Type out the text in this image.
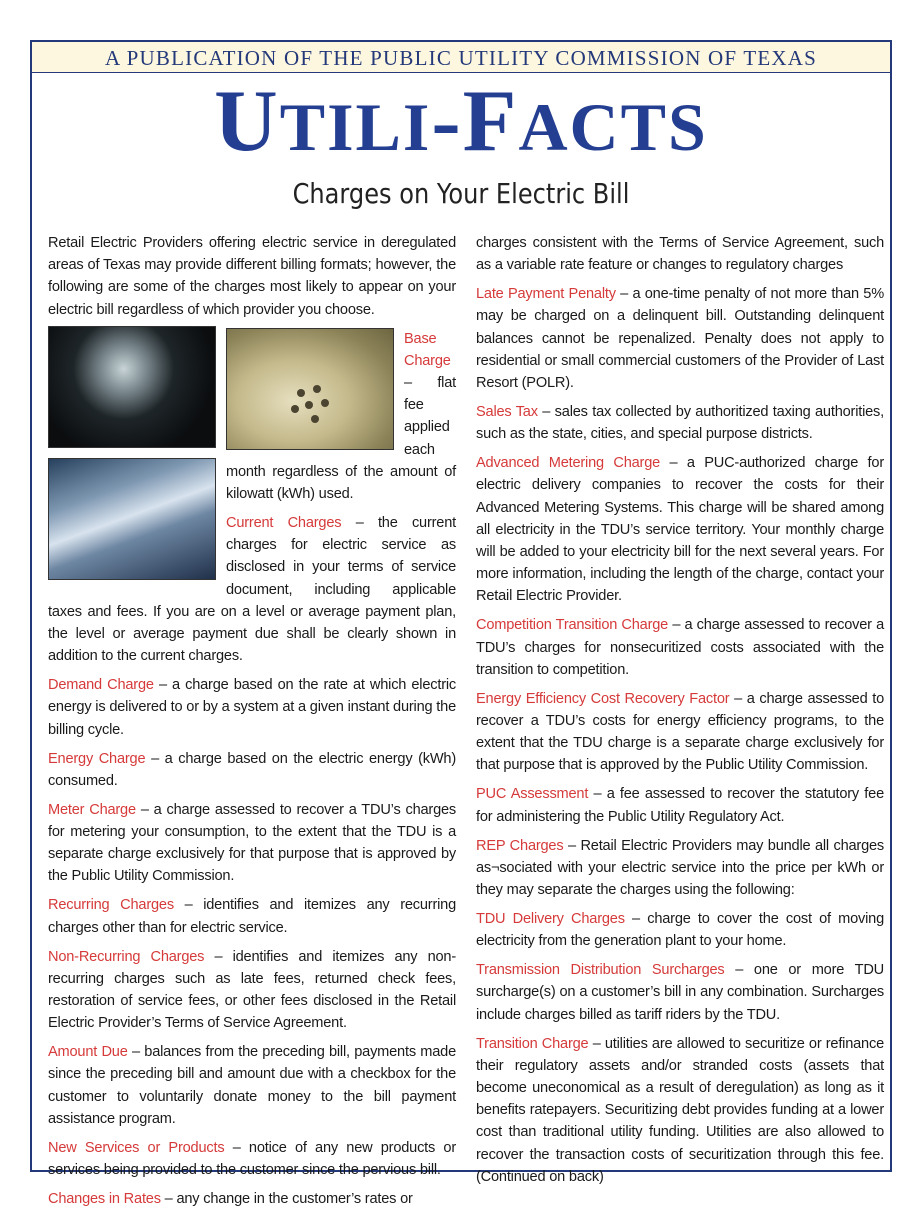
A PUBLICATION OF THE PUBLIC UTILITY COMMISSION OF TEXAS
UTILI-FACTS
Charges on Your Electric Bill

Retail Electric Providers offering electric service in deregulated areas of Texas may provide different billing formats; however, the following are some of the charges most likely to appear on your electric bill regardless of which provider you choose.

Base Charge – flat fee applied each month regardless of the amount of kilowatt (kWh) used.

Current Charges – the current charges for electric service as disclosed in your terms of service document, including applicable taxes and fees. If you are on a level or average payment plan, the level or average payment due shall be clearly shown in addition to the current charges.

Demand Charge – a charge based on the rate at which electric energy is delivered to or by a system at a given instant during the billing cycle.

Energy Charge – a charge based on the electric energy (kWh) consumed.

Meter Charge – a charge assessed to recover a TDU’s charges for metering your consumption, to the extent that the TDU is a separate charge exclusively for that purpose that is approved by the Public Utility Commission.

Recurring Charges – identifies and itemizes any recurring charges other than for electric service.

Non-Recurring Charges – identifies and itemizes any non-recurring charges such as late fees, returned check fees, restoration of service fees, or other fees disclosed in the Retail Electric Provider’s Terms of Service Agreement.

Amount Due – balances from the preceding bill, payments made since the preceding bill and amount due with a checkbox for the customer to voluntarily donate money to the bill payment assistance program.

New Services or Products – notice of any new products or services being provided to the customer since the pervious bill.

Changes in Rates – any change in the customer’s rates or

charges consistent with the Terms of Service Agreement, such as a variable rate feature or changes to regulatory charges

Late Payment Penalty – a one-time penalty of not more than 5% may be charged on a delinquent bill. Outstanding delinquent balances cannot be repenalized. Penalty does not apply to residential or small commercial customers of the Provider of Last Resort (POLR).

Sales Tax – sales tax collected by authoritized taxing authorities, such as the state, cities, and special purpose districts.

Advanced Metering Charge – a PUC-authorized charge for electric delivery companies to recover the costs for their Advanced Metering Systems. This charge will be shared among all electricity in the TDU’s service territory. Your monthly charge will be added to your electricity bill for the next several years. For more information, including the length of the charge, contact your Retail Electric Provider.

Competition Transition Charge – a charge assessed to recover a TDU’s charges for nonsecuritized costs associated with the transition to competition.

Energy Efficiency Cost Recovery Factor – a charge assessed to recover a TDU’s costs for energy efficiency programs, to the extent that the TDU charge is a separate charge exclusively for that purpose that is approved by the Public Utility Commission.

PUC Assessment – a fee assessed to recover the statutory fee for administering the Public Utility Regulatory Act.

REP Charges – Retail Electric Providers may bundle all charges as¬sociated with your electric service into the price per kWh or they may separate the charges using the following:

TDU Delivery Charges – charge to cover the cost of moving electricity from the generation plant to your home.

Transmission Distribution Surcharges – one or more TDU surcharge(s) on a customer’s bill in any combination. Surcharges include charges billed as tariff riders by the TDU.

Transition Charge – utilities are allowed to securitize or refinance their regulatory assets and/or stranded costs (assets that become uneconomical as a result of deregulation) as long as it benefits ratepayers. Securitizing debt provides funding at a lower cost than traditional utility funding. Utilities are also allowed to recover the transaction costs of securitization through this fee. (Continued on back)
